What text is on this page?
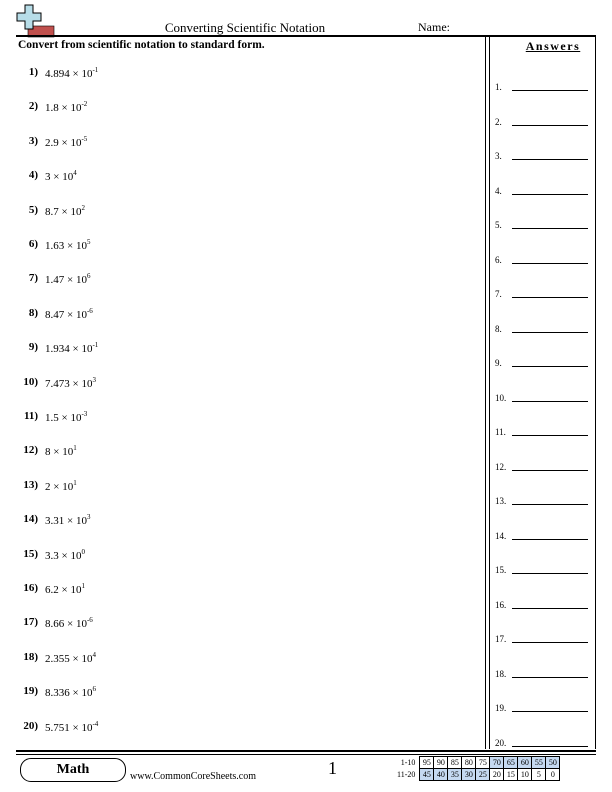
Converting Scientific Notation	Name:
Convert from scientific notation to standard form.	Answers
1) $4.894 \times 10^{-1}$
2) $1.8 \times 10^{-2}$
3) $2.9 \times 10^{-5}$
4) $3 \times 10^4$
5) $8.7 \times 10^2$
6) $1.63 \times 10^5$
7) $1.47 \times 10^6$
8) $8.47 \times 10^{-6}$
9) $1.934 \times 10^{-1}$
10) $7.473 \times 10^3$
11) $1.5 \times 10^{-3}$
12) $8 \times 10^1$
13) $2 \times 10^1$
14) $3.31 \times 10^3$
15) $3.3 \times 10^0$
16) $6.2 \times 10^1$
17) $8.66 \times 10^{-6}$
18) $2.355 \times 10^4$
19) $8.336 \times 10^6$
20) $5.751 \times 10^{-4}$
1.
2.
3.
4.
5.
6.
7.
8.
9.
10.
11.
12.
13.
14.
15.
16.
17.
18.
19.
20.
Math	www.CommonCoreSheets.com	1	1-10	95	90	85	80	75	70	65	60	55	50
11-20	45	40	35	30	25	20	15	10	5	0
